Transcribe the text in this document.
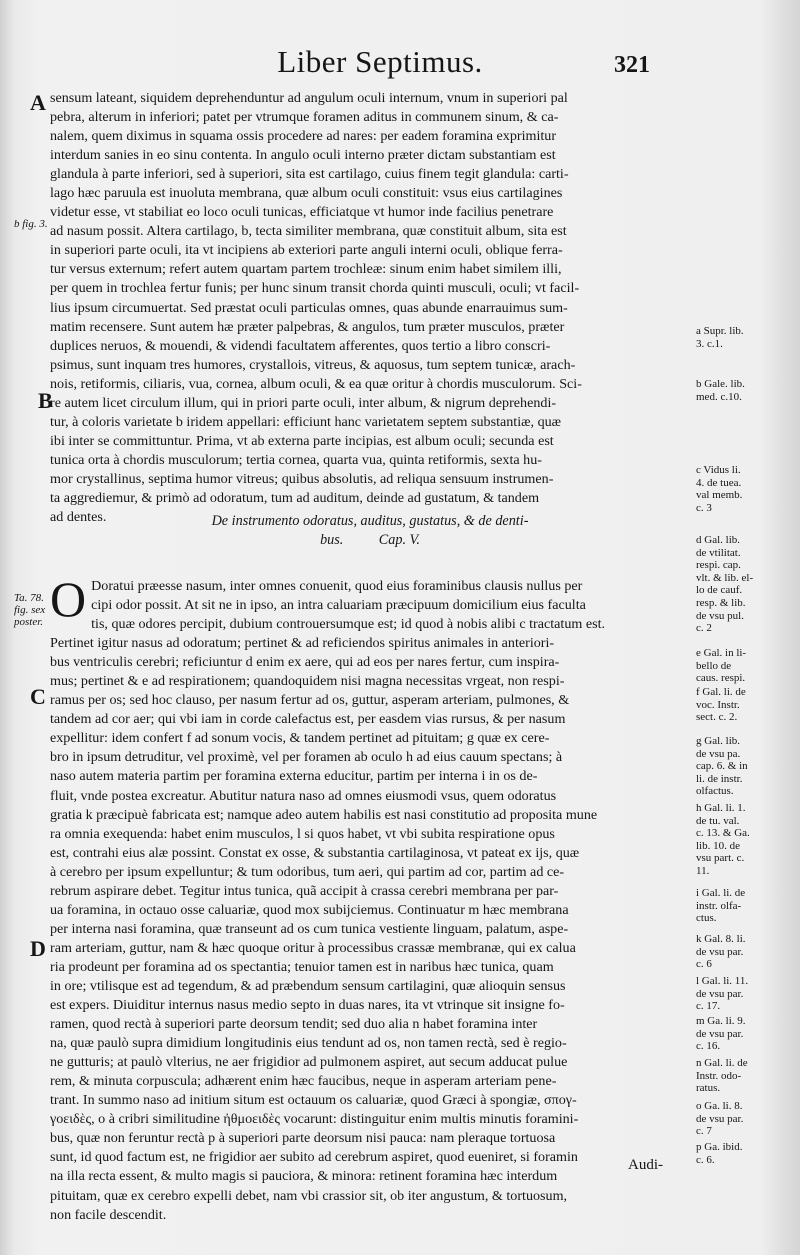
Liber Septimus.	321
A
B
C
D
b fig. 3.
Ta. 78.
fig. sex
poster.
sensum lateant, siquidem deprehenduntur ad angulum oculi internum, vnum in superiori pal
pebra, alterum in inferiori; patet per vtrumque foramen aditus in communem sinum, & ca-
nalem, quem diximus in squama ossis procedere ad nares: per eadem foramina exprimitur
interdum sanies in eo sinu contenta. In angulo oculi interno præter dictam substantiam est
glandula à parte inferiori, sed à superiori, sita est cartilago, cuius finem tegit glandula: carti-
lago hæc paruula est inuoluta membrana, quæ album oculi constituit: vsus eius cartilagines
videtur esse, vt stabiliat eo loco oculi tunicas, efficiatque vt humor inde facilius penetrare
ad nasum possit. Altera cartilago, b, tecta similiter membrana, quæ constituit album, sita est
in superiori parte oculi, ita vt incipiens ab exteriori parte anguli interni oculi, oblique ferra-
tur versus externum; refert autem quartam partem trochleæ: sinum enim habet similem illi,
per quem in trochlea fertur funis; per hunc sinum transit chorda quinti musculi, oculi; vt facil-
lius ipsum circumuertat. Sed præstat oculi particulas omnes, quas abunde enarrauimus sum-
matim recensere. Sunt autem hæ præter palpebras, & angulos, tum præter musculos, præter
duplices neruos, & mouendi, & videndi facultatem afferentes, quos tertio a libro conscri-
psimus, sunt inquam tres humores, crystallois, vitreus, & aquosus, tum septem tunicæ, arach-
nois, retiformis, ciliaris, vua, cornea, album oculi, & ea quæ oritur à chordis musculorum. Sci-
re autem licet circulum illum, qui in priori parte oculi, inter album, & nigrum deprehendi-
tur, à coloris varietate b iridem appellari: efficiunt hanc varietatem septem substantiæ, quæ
ibi inter se committuntur. Prima, vt ab externa parte incipias, est album oculi; secunda est
tunica orta à chordis musculorum; tertia cornea, quarta vua, quinta retiformis, sexta hu-
mor crystallinus, septima humor vitreus; quibus absolutis, ad reliqua sensuum instrumen-
ta aggrediemur, & primò ad odoratum, tum ad auditum, deinde ad gustatum, & tandem
ad dentes.	De instrumento odoratus, auditus, gustatus, & de denti-
bus. Cap. V.
O Doratui præesse nasum, inter omnes conuenit, quod eius foraminibus clausis nullus per
cipi odor possit. At sit ne in ipso, an intra caluariam præcipuum domicilium eius faculta
tis, quæ odores percipit, dubium controuersumque est; id quod à nobis alibi c tractatum est.
Pertinet igitur nasus ad odoratum; pertinet & ad reficiendos spiritus animales in anteriori-
bus ventriculis cerebri; reficiuntur d enim ex aere, qui ad eos per nares fertur, cum inspira-
mus; pertinet & e ad respirationem; quandoquidem nisi magna necessitas vrgeat, non respi-
ramus per os; sed hoc clauso, per nasum fertur ad os, guttur, asperam arteriam, pulmones, &
tandem ad cor aer; qui vbi iam in corde calefactus est, per easdem vias rursus, & per nasum
expellitur: idem confert f ad sonum vocis, & tandem pertinet ad pituitam; g quæ ex cere-
bro in ipsum detruditur, vel proximè, vel per foramen ab oculo h ad eius cauum spectans; à
naso autem materia partim per foramina externa educitur, partim per interna i in os de-
fluit, vnde postea excreatur. Abutitur natura naso ad omnes eiusmodi vsus, quem odoratus
gratia k præcipuè fabricata est; namque adeo autem habilis est nasi constitutio ad proposita mune
ra omnia exequenda: habet enim musculos, l si quos habet, vt vbi subita respiratione opus
est, contrahi eius alæ possint. Constat ex osse, & substantia cartilaginosa, vt pateat ex ijs, quæ
à cerebro per ipsum expelluntur; & tum odoribus, tum aeri, qui partim ad cor, partim ad ce-
rebrum aspirare debet. Tegitur intus tunica, quã accipit à crassa cerebri membrana per par-
ua foramina, in octauo osse caluariæ, quod mox subijciemus. Continuatur m hæc membrana
per interna nasi foramina, quæ transeunt ad os cum tunica vestiente linguam, palatum, aspe-
ram arteriam, guttur, nam & hæc quoque oritur à processibus crassæ membranæ, qui ex calua
ria prodeunt per foramina ad os spectantia; tenuior tamen est in naribus hæc tunica, quam
in ore; vtilisque est ad tegendum, & ad præbendum sensum cartilagini, quæ alioquin sensus
est expers. Diuiditur internus nasus medio septo in duas nares, ita vt vtrinque sit insigne fo-
ramen, quod rectà à superiori parte deorsum tendit; sed duo alia n habet foramina inter
na, quæ paulò supra dimidium longitudinis eius tendunt ad os, non tamen rectà, sed è regio-
ne gutturis; at paulò vlterius, ne aer frigidior ad pulmonem aspiret, aut secum adducat pulue
rem, & minuta corpuscula; adhærent enim hæc faucibus, neque in asperam arteriam pene-
trant. In summo naso ad initium situm est octauum os caluariæ, quod Græci à spongiæ, σπογ-
γοειδὲς, o à cribri similitudine ἠθμοειδὲς vocarunt: distinguitur enim multis minutis foramini-
bus, quæ non feruntur rectà p à superiori parte deorsum nisi pauca: nam pleraque tortuosa
sunt, id quod factum est, ne frigidior aer subito ad cerebrum aspiret, quod eueniret, si foramin
na illa recta essent, & multo magis si pauciora, & minora: retinent foramina hæc interdum
pituitam, quæ ex cerebro expelli debet, nam vbi crassior sit, ob iter angustum, & tortuosum,
non facile descendit.
a Supr. lib.
3. c.1.
b Gale. lib.
med. c.10.
c Vidus li.
4. de tuea.
val memb.
c. 3
d Gal. lib.
de vtilitat.
respi. cap.
vlt. & lib. el-
lo de cauf.
resp. & lib.
de vsu pul.
c. 2
e Gal. in li-
bello de
caus. respi.
f Gal. li. de
voc. Instr.
sect. c. 2.
g Gal. lib.
de vsu pa.
cap. 6. & in
li. de instr.
olfactus.
h Gal. li. 1.
de tu. val.
c. 13. & Ga.
lib. 10. de
vsu part. c.
11.
i Gal. li. de
instr. olfa-
ctus.
k Gal. 8. li.
de vsu par.
c. 6
l Gal. li. 11.
de vsu par.
c. 17.
m Ga. li. 9.
de vsu par.
c. 16.
n Gal. li. de
Instr. odo-
ratus.
o Ga. li. 8.
de vsu par.
c. 7
p Ga. ibid.
c. 6.
Audi-
